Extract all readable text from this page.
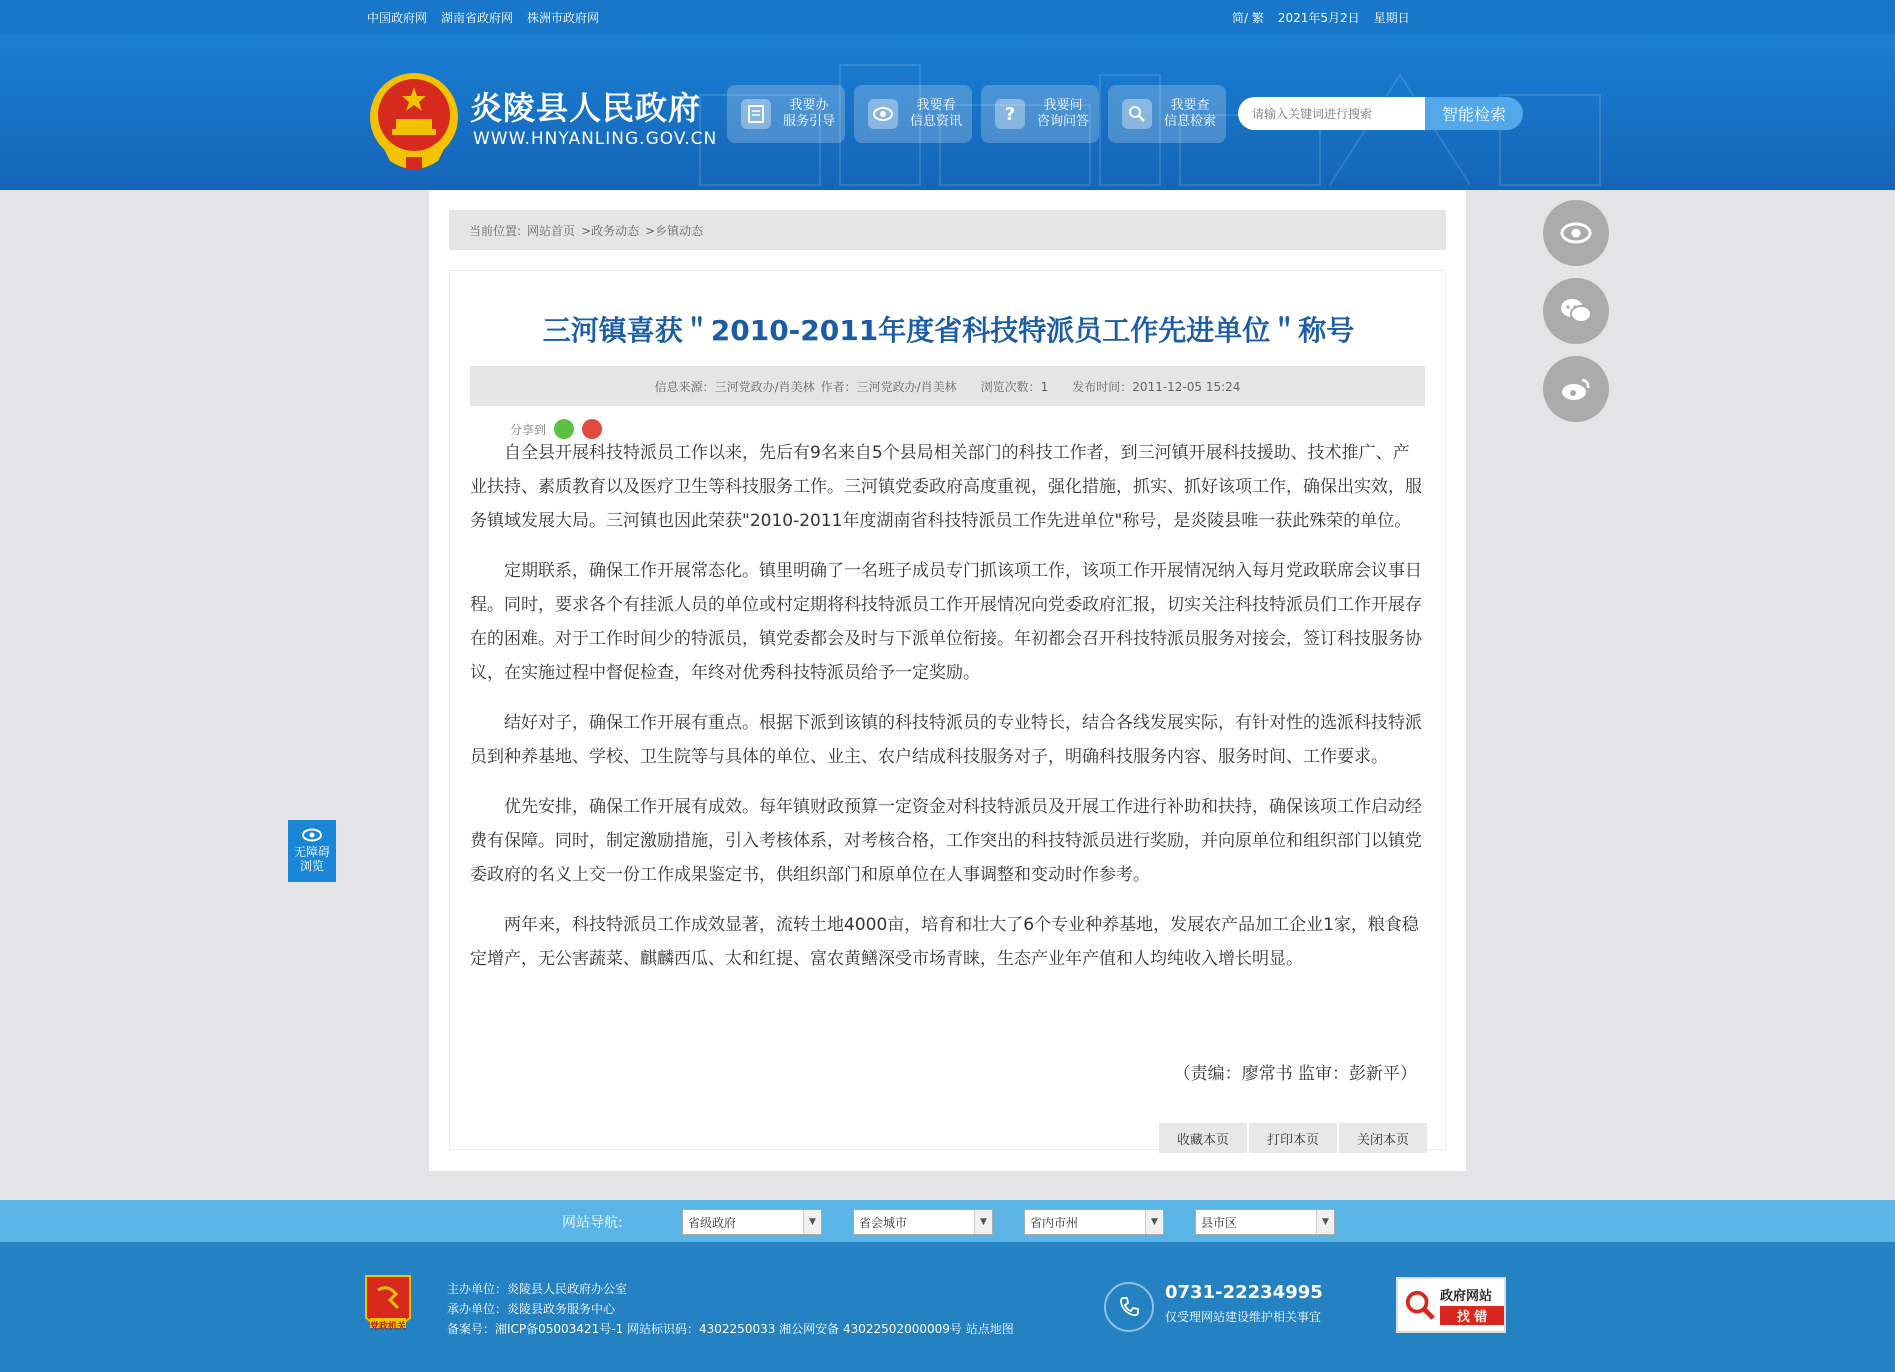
中国政府网 湖南省政府网 株洲市政府网	简/ 繁 2021年5月2日 星期日
炎陵县人民政府
WWW.HNYANLING.GOV.CN
我要办
服务引导
我要看
信息资讯 ?	我要问
咨询问答
我要查
信息检索
请输入关键词进行搜索	智能检索
无障碍
浏览
当前位置: 网站首页 >政务动态 >乡镇动态
三河镇喜获＂2010-2011年度省科技特派员工作先进单位＂称号
信息来源：三河党政办/肖美林 作者：三河党政办/肖美林 浏览次数：1 发布时间：2011-12-05 15:24
分享到

自全县开展科技特派员工作以来，先后有9名来自5个县局相关部门的科技工作者，到三河镇开展科技援助、技术推广、产业扶持、素质教育以及医疗卫生等科技服务工作。三河镇党委政府高度重视，强化措施，抓实、抓好该项工作，确保出实效，服务镇域发展大局。三河镇也因此荣获"2010-2011年度湖南省科技特派员工作先进单位"称号，是炎陵县唯一获此殊荣的单位。

定期联系，确保工作开展常态化。镇里明确了一名班子成员专门抓该项工作，该项工作开展情况纳入每月党政联席会议事日程。同时，要求各个有挂派人员的单位或村定期将科技特派员工作开展情况向党委政府汇报，切实关注科技特派员们工作开展存在的困难。对于工作时间少的特派员，镇党委都会及时与下派单位衔接。年初都会召开科技特派员服务对接会，签订科技服务协议，在实施过程中督促检查，年终对优秀科技特派员给予一定奖励。

结好对子，确保工作开展有重点。根据下派到该镇的科技特派员的专业特长，结合各线发展实际，有针对性的选派科技特派员到种养基地、学校、卫生院等与具体的单位、业主、农户结成科技服务对子，明确科技服务内容、服务时间、工作要求。

优先安排，确保工作开展有成效。每年镇财政预算一定资金对科技特派员及开展工作进行补助和扶持，确保该项工作启动经费有保障。同时，制定激励措施，引入考核体系，对考核合格，工作突出的科技特派员进行奖励，并向原单位和组织部门以镇党委政府的名义上交一份工作成果鉴定书，供组织部门和原单位在人事调整和变动时作参考。

两年来，科技特派员工作成效显著，流转土地4000亩，培育和壮大了6个专业种养基地，发展农产品加工企业1家，粮食稳定增产，无公害蔬菜、麒麟西瓜、太和红提、富农黄鳝深受市场青睐，生态产业年产值和人均纯收入增长明显。

（责编：廖常书 监审：彭新平）
收藏本页	打印本页	关闭本页
网站导航:	省级政府	▼	省会城市	▼	省内市州	▼	县市区	▼
党政机关
主办单位：炎陵县人民政府办公室
承办单位：炎陵县政务服务中心
备案号：湘ICP备05003421号-1 网站标识码：4302250033 湘公网安备 43022502000009号 站点地图
0731-22234995
仅受理网站建设维护相关事宜
政府网站
找 错
